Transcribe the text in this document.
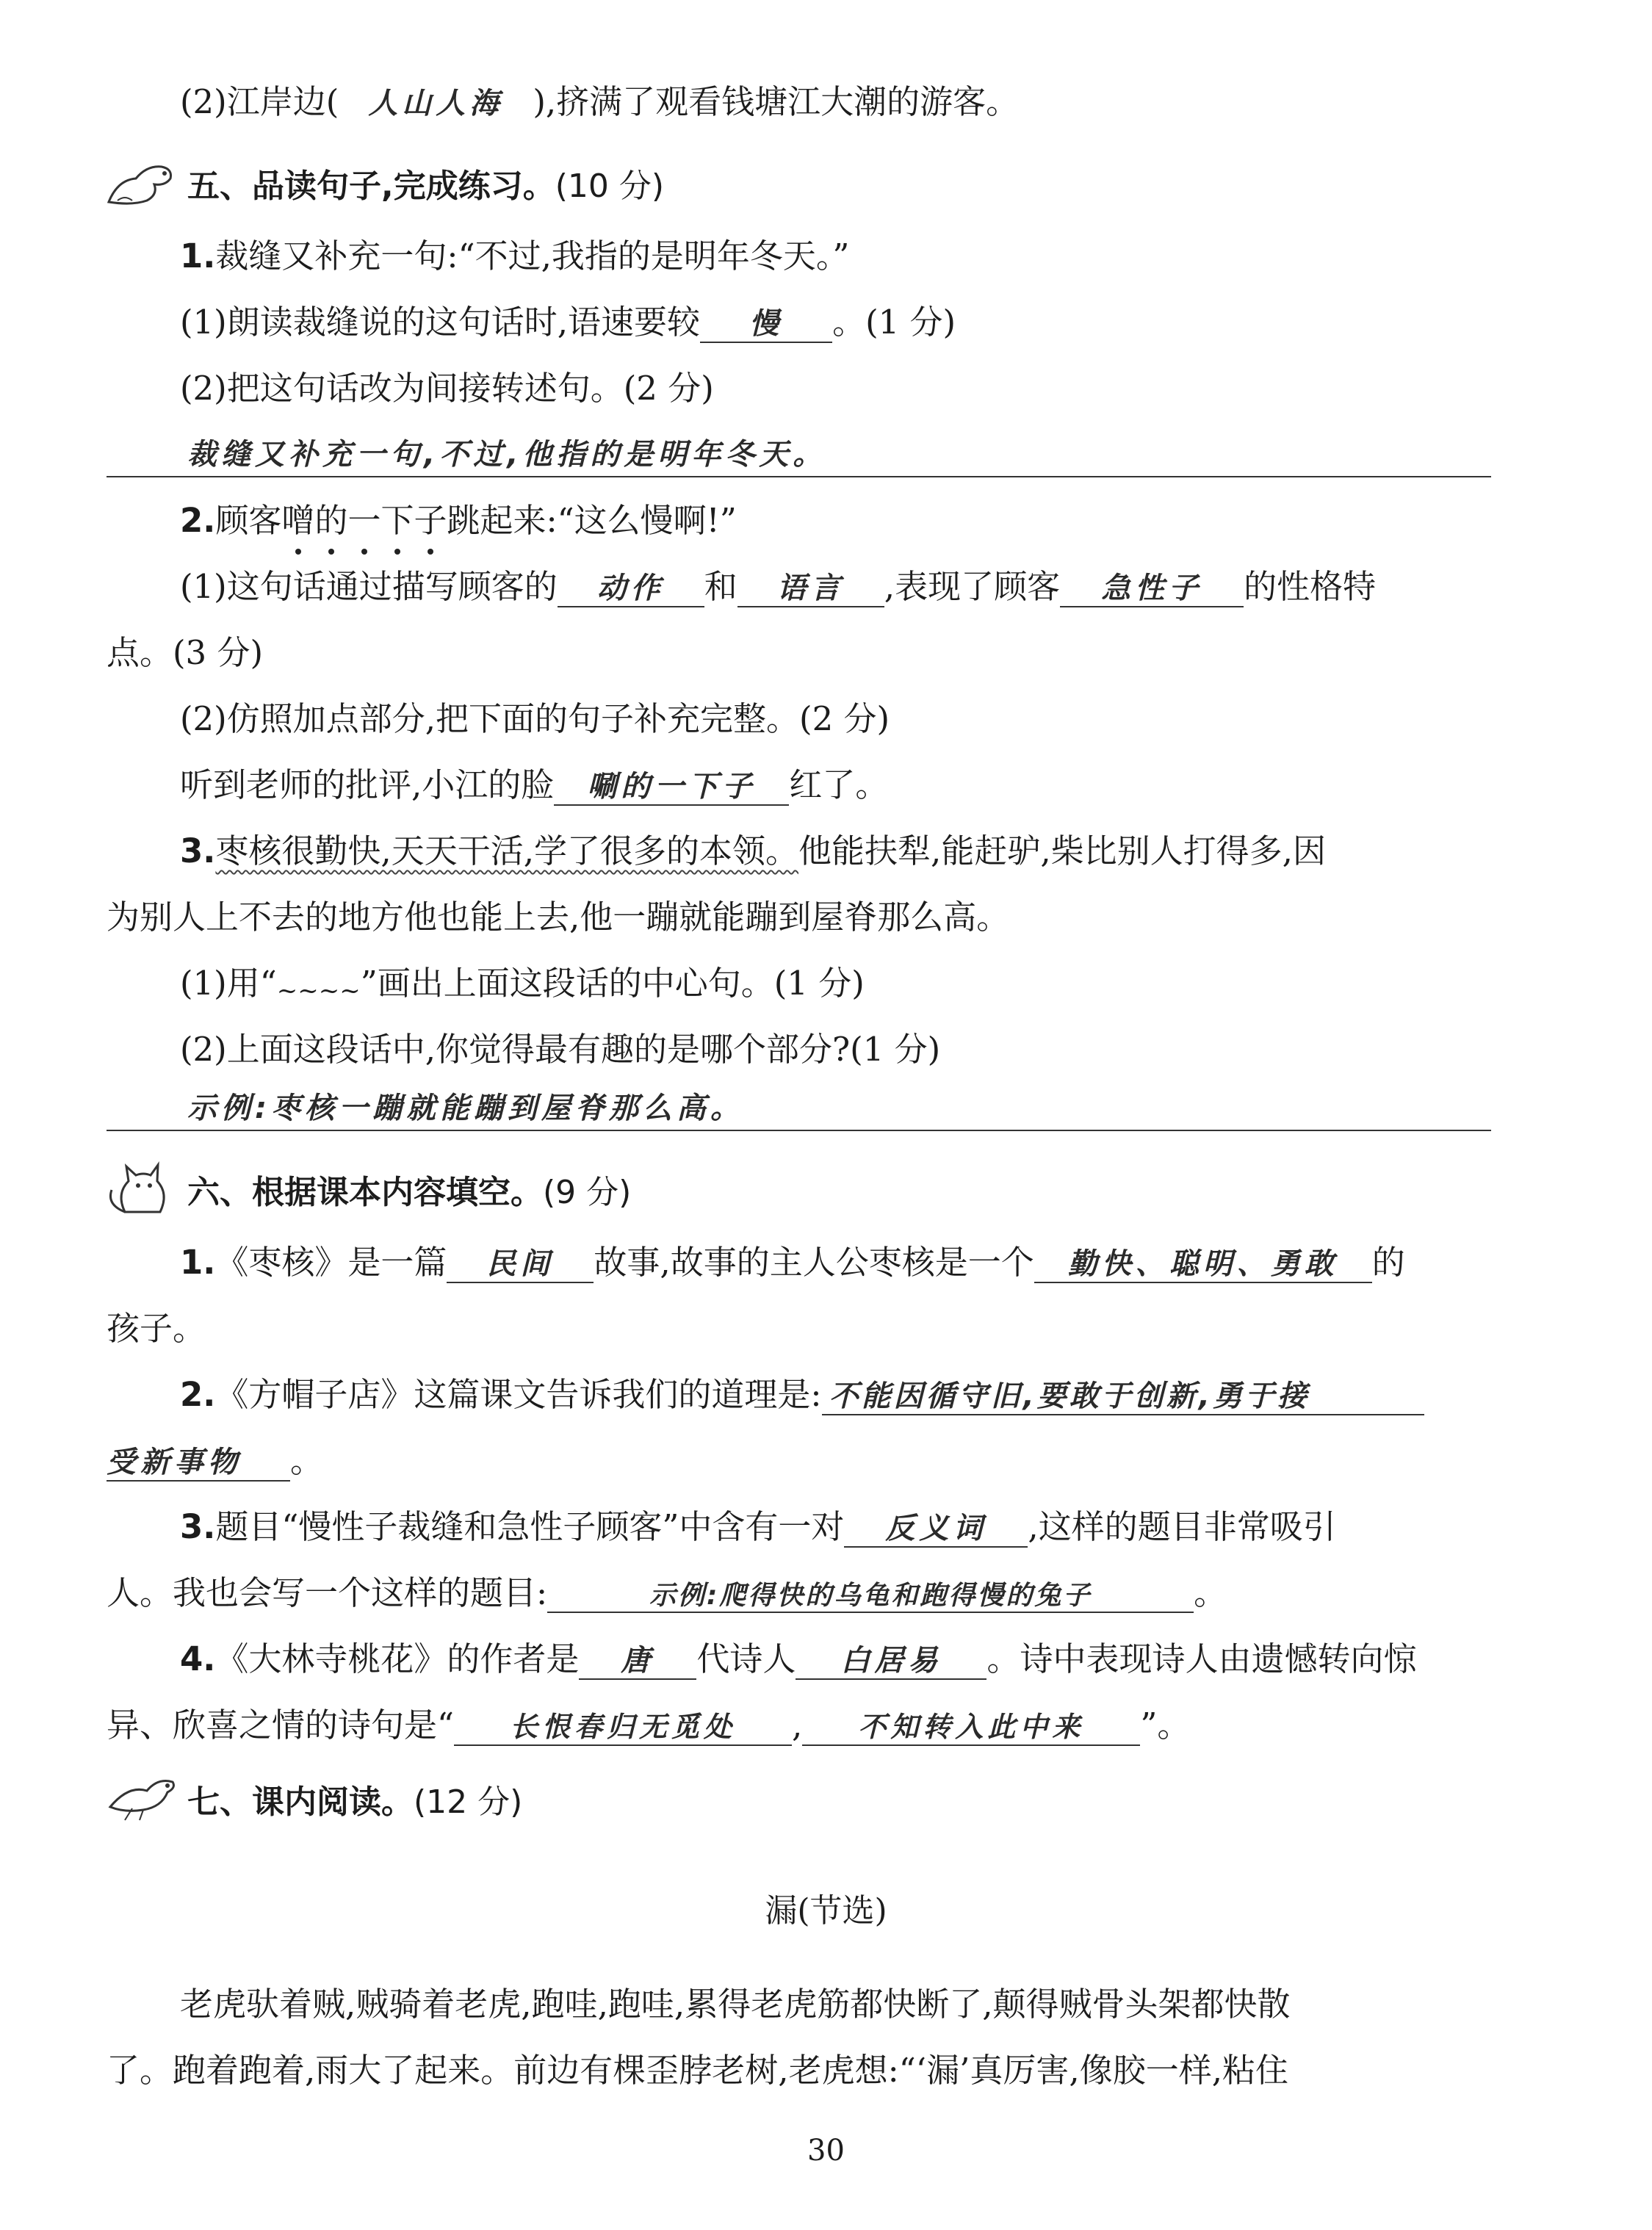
(2)江岸边( 人山人海 ),挤满了观看钱塘江大潮的游客。
五、品读句子,完成练习。(10 分)
1.裁缝又补充一句:“不过,我指的是明年冬天。”
(1)朗读裁缝说的这句话时,语速要较 慢 。(1 分)
(2)把这句话改为间接转述句。(2 分)
裁缝又补充一句,不过,他指的是明年冬天。
2.顾客噌的一下子跳起来:“这么慢啊!”
(1)这句话通过描写顾客的 动作 和 语言 ,表现了顾客 急性子 的性格特
点。(3 分)
(2)仿照加点部分,把下面的句子补充完整。(2 分)
听到老师的批评,小江的脸 唰的一下子 红了。
3.枣核很勤快,天天干活,学了很多的本领。他能扶犁,能赶驴,柴比别人打得多,因
为别人上不去的地方他也能上去,他一蹦就能蹦到屋脊那么高。
(1)用“~~~~”画出上面这段话的中心句。(1 分)
(2)上面这段话中,你觉得最有趣的是哪个部分?(1 分)
示例:枣核一蹦就能蹦到屋脊那么高。
六、根据课本内容填空。(9 分)
1.《枣核》是一篇 民间 故事,故事的主人公枣核是一个 勤快、聪明、勇敢 的
孩子。
2.《方帽子店》这篇课文告诉我们的道理是: 不能因循守旧,要敢于创新,勇于接
受新事物 。
3.题目“慢性子裁缝和急性子顾客”中含有一对 反义词 ,这样的题目非常吸引
人。我也会写一个这样的题目:	示例:爬得快的乌龟和跑得慢的兔子	。
4.《大林寺桃花》的作者是 唐 代诗人 白居易 。诗中表现诗人由遗憾转向惊
异、欣喜之情的诗句是“ 长恨春归无觅处 , 不知转入此中来 ”。
七、课内阅读。(12 分)
漏(节选)
老虎驮着贼,贼骑着老虎,跑哇,跑哇,累得老虎筋都快断了,颠得贼骨头架都快散
了。跑着跑着,雨大了起来。前边有棵歪脖老树,老虎想:“‘漏’真厉害,像胶一样,粘住
30
